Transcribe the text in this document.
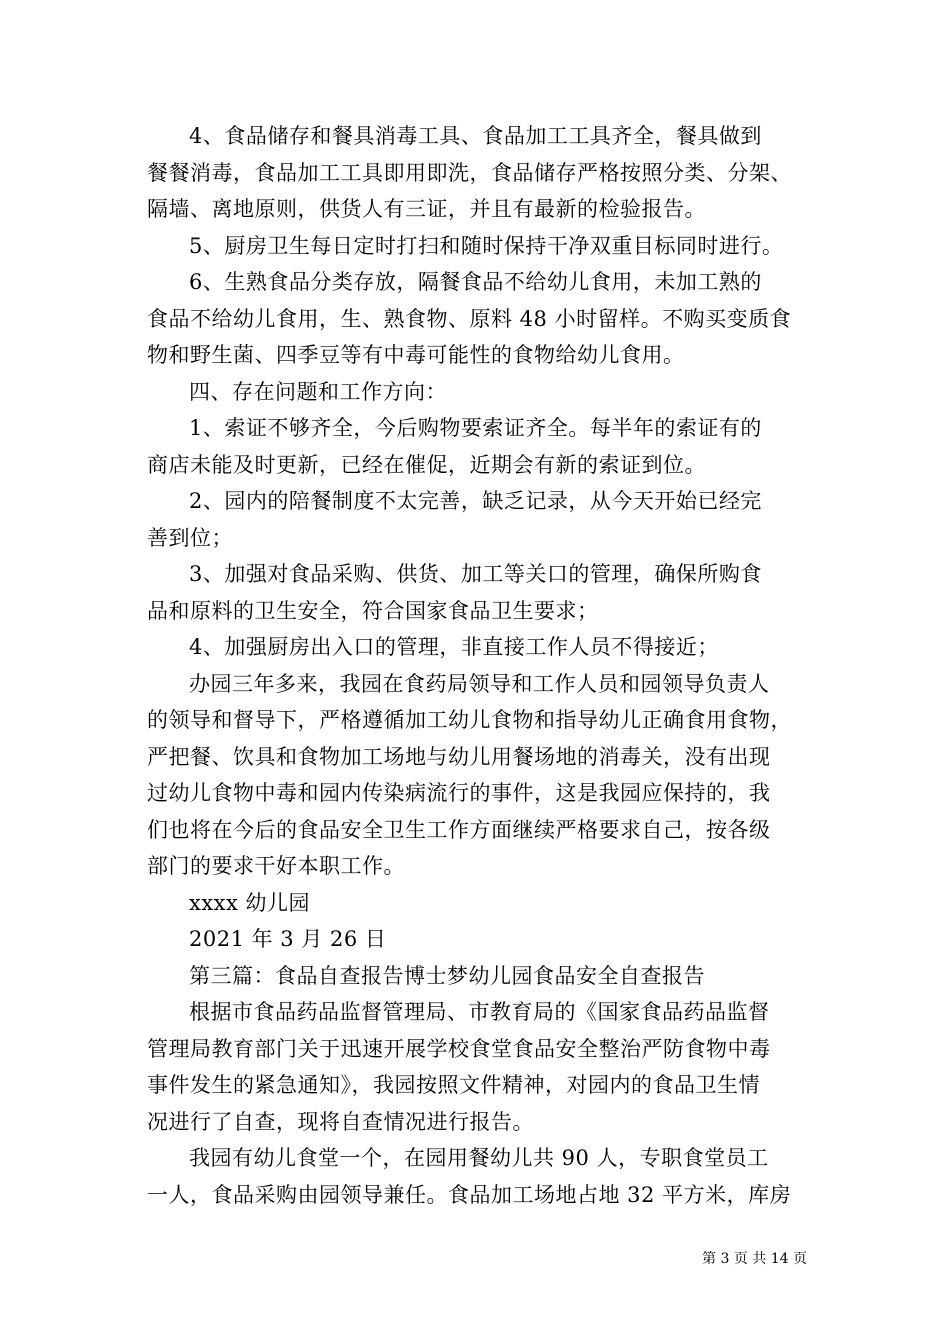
4、食品储存和餐具消毒工具、食品加工工具齐全，餐具做到
餐餐消毒，食品加工工具即用即洗，食品储存严格按照分类、分架、
隔墙、离地原则，供货人有三证，并且有最新的检验报告。

5、厨房卫生每日定时打扫和随时保持干净双重目标同时进行。

6、生熟食品分类存放，隔餐食品不给幼儿食用，未加工熟的
食品不给幼儿食用，生、熟食物、原料 48 小时留样。不购买变质食
物和野生菌、四季豆等有中毒可能性的食物给幼儿食用。

四、存在问题和工作方向：

1、索证不够齐全，今后购物要索证齐全。每半年的索证有的
商店未能及时更新，已经在催促，近期会有新的索证到位。

2、园内的陪餐制度不太完善，缺乏记录，从今天开始已经完
善到位；

3、加强对食品采购、供货、加工等关口的管理，确保所购食
品和原料的卫生安全，符合国家食品卫生要求；

4、加强厨房出入口的管理，非直接工作人员不得接近；

办园三年多来，我园在食药局领导和工作人员和园领导负责人
的领导和督导下，严格遵循加工幼儿食物和指导幼儿正确食用食物，
严把餐、饮具和食物加工场地与幼儿用餐场地的消毒关，没有出现
过幼儿食物中毒和园内传染病流行的事件，这是我园应保持的，我
们也将在今后的食品安全卫生工作方面继续严格要求自己，按各级
部门的要求干好本职工作。

xxxx 幼儿园

2021 年 3 月 26 日

第三篇：食品自查报告博士梦幼儿园食品安全自查报告

根据市食品药品监督管理局、市教育局的《国家食品药品监督
管理局教育部门关于迅速开展学校食堂食品安全整治严防食物中毒
事件发生的紧急通知》，我园按照文件精神，对园内的食品卫生情
况进行了自查，现将自查情况进行报告。

我园有幼儿食堂一个，在园用餐幼儿共 90 人，专职食堂员工
一人，食品采购由园领导兼任。食品加工场地占地 32 平方米，库房

第 3 页 共 14 页
